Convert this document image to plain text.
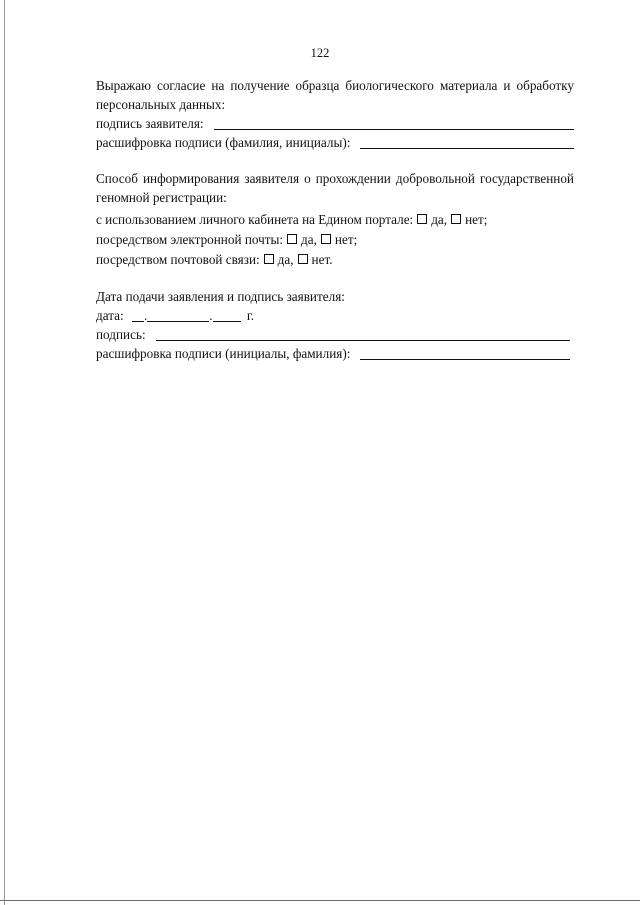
122

Выражаю согласие на получение образца биологического материала и обработку

персональных данных:

подпись заявителя:
расшифровка подписи (фамилия, инициалы):

Способ информирования заявителя о прохождении добровольной государственной

геномной регистрации:

с использованием личного кабинета на Едином портале: да, нет;

посредством электронной почты: да, нет;

посредством почтовой связи: да, нет.

Дата подачи заявления и подпись заявителя:

дата: .	.	г.

подпись:
расшифровка подписи (инициалы, фамилия):
